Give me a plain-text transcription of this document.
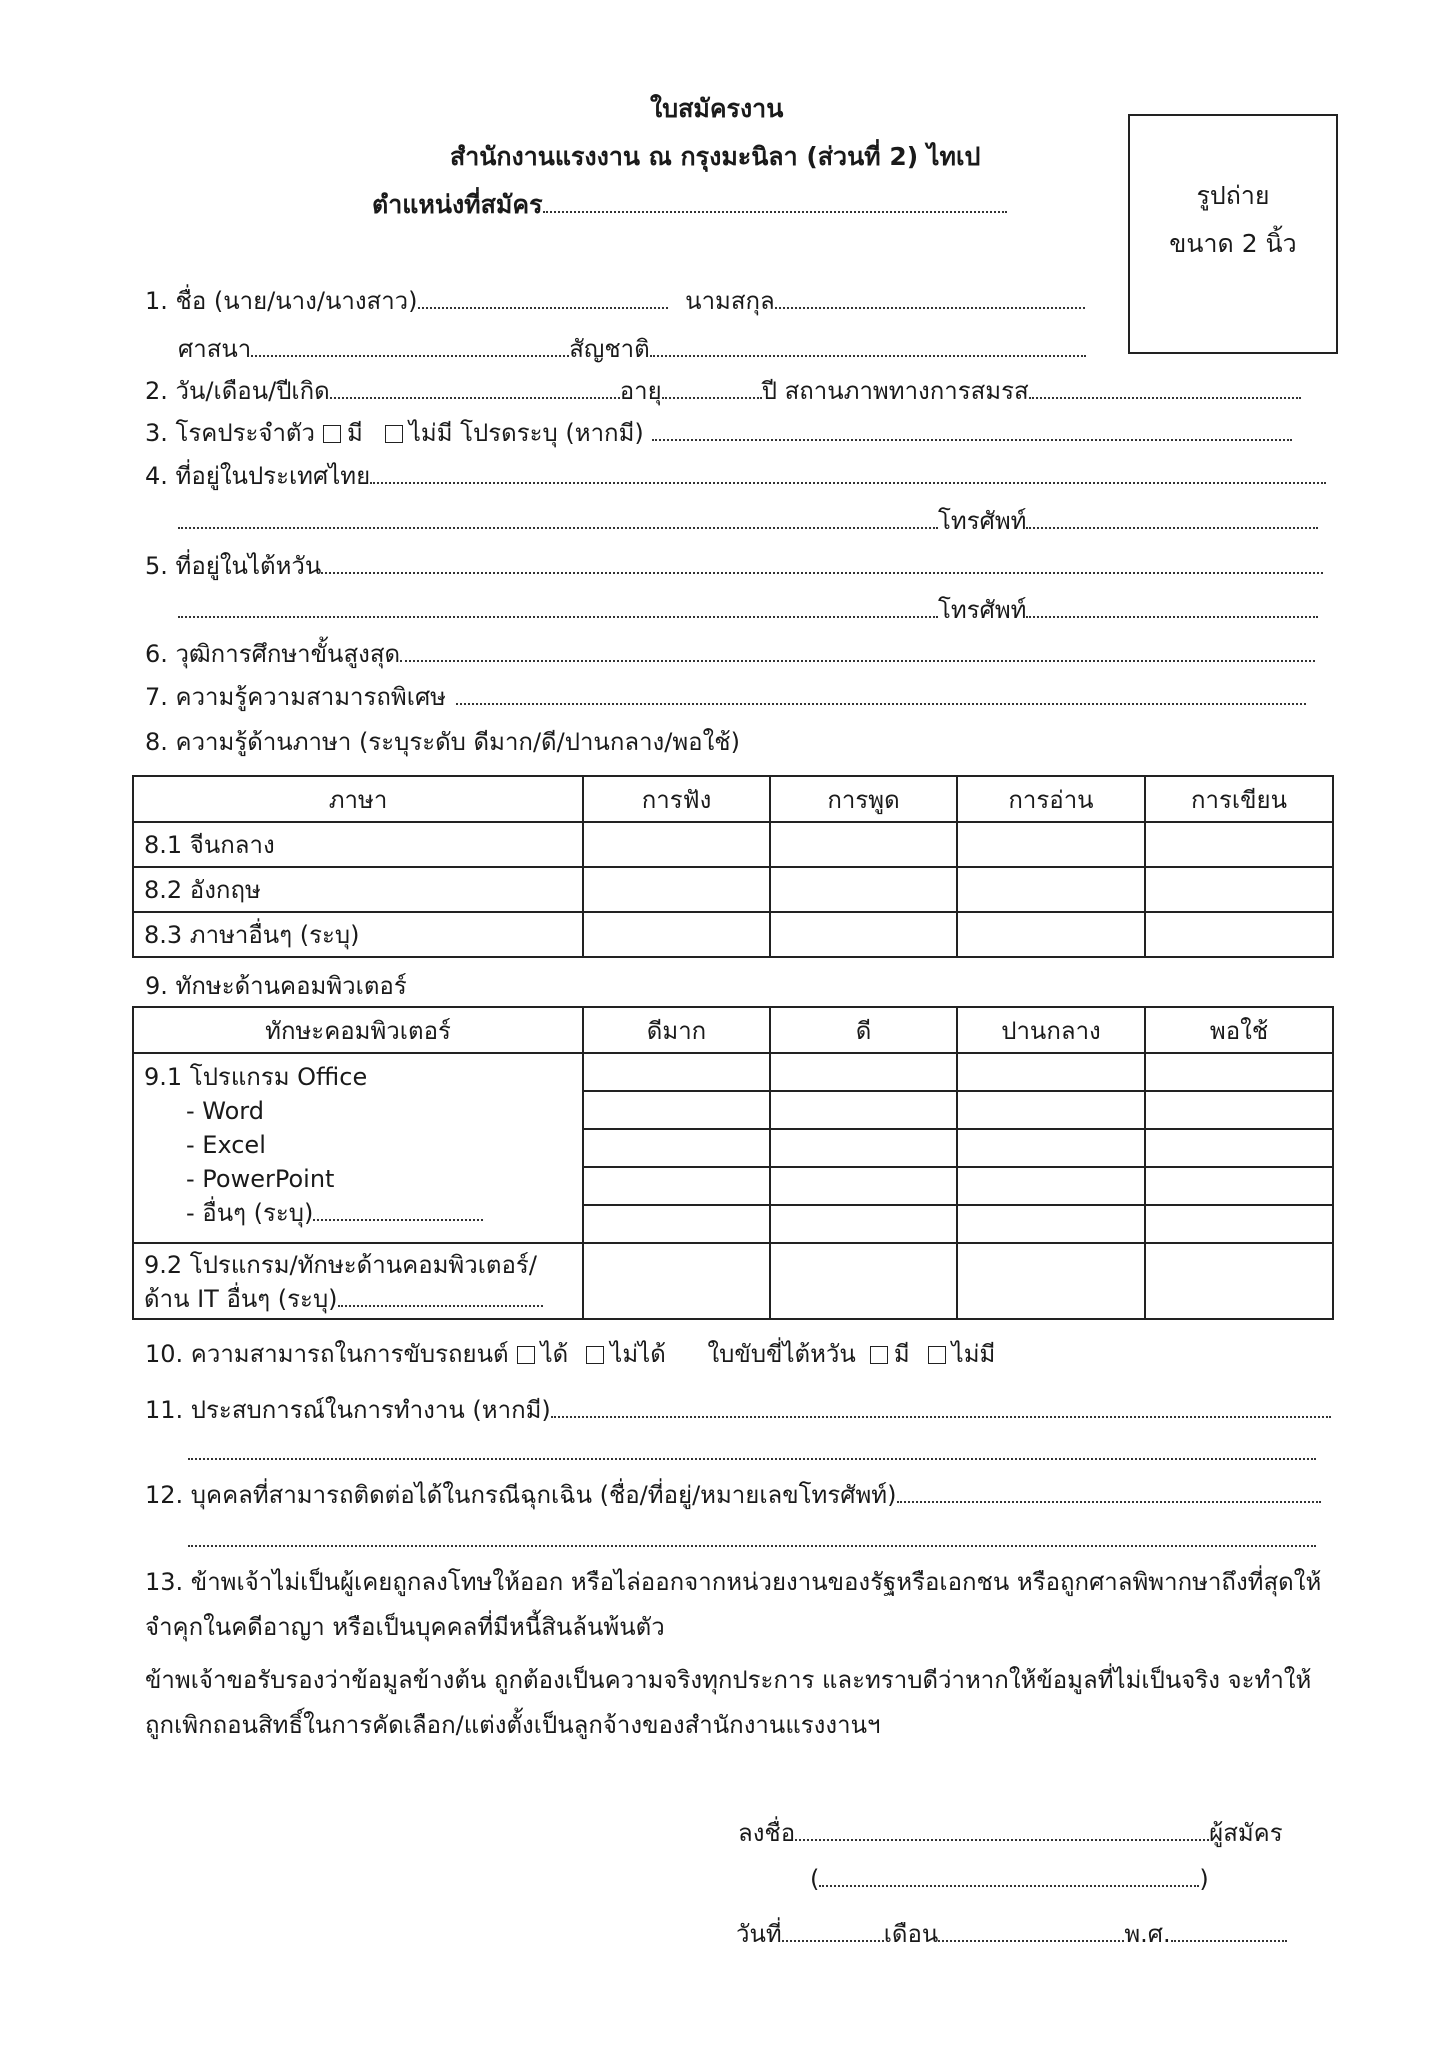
ใบสมัครงาน
สำนักงานแรงงาน ณ กรุงมะนิลา (ส่วนที่ 2) ไทเป
ตำแหน่งที่สมัคร	รูปถ่าย
ขนาด 2 นิ้ว
1. ชื่อ (นาย/นาง/นางสาว)	นามสกุล
ศาสนา	สัญชาติ
2. วัน/เดือน/ปีเกิด	อายุ	ปี สถานภาพทางการสมรส
3. โรคประจำตัว มี ไม่มี โปรดระบุ (หากมี)
4. ที่อยู่ในประเทศไทย
โทรศัพท์
5. ที่อยู่ในไต้หวัน
โทรศัพท์
6. วุฒิการศึกษาขั้นสูงสุด
7. ความรู้ความสามารถพิเศษ
8. ความรู้ด้านภาษา (ระบุระดับ ดีมาก/ดี/ปานกลาง/พอใช้)
ภาษา	การฟัง	การพูด	การอ่าน	การเขียน
8.1 จีนกลาง				
8.2 อังกฤษ				
8.3 ภาษาอื่นๆ (ระบุ)				
9. ทักษะด้านคอมพิวเตอร์
ทักษะคอมพิวเตอร์	ดีมาก	ดี	ปานกลาง	พอใช้

9.1 โปรแกรม Office
- Word
- Excel
- PowerPoint
- อื่นๆ (ระบุ)				

9.2 โปรแกรม/ทักษะด้านคอมพิวเตอร์/
ด้าน IT อื่นๆ (ระบุ)				

10. ความสามารถในการขับรถยนต์ ได้ ไม่ได้ ใบขับขี่ไต้หวัน มี ไม่มี
11. ประสบการณ์ในการทำงาน (หากมี)
12. บุคคลที่สามารถติดต่อได้ในกรณีฉุกเฉิน (ชื่อ/ที่อยู่/หมายเลขโทรศัพท์)
13. ข้าพเจ้าไม่เป็นผู้เคยถูกลงโทษให้ออก หรือไล่ออกจากหน่วยงานของรัฐหรือเอกชน หรือถูกศาลพิพากษาถึงที่สุดให้
จำคุกในคดีอาญา หรือเป็นบุคคลที่มีหนี้สินล้นพ้นตัว
ข้าพเจ้าขอรับรองว่าข้อมูลข้างต้น ถูกต้องเป็นความจริงทุกประการ และทราบดีว่าหากให้ข้อมูลที่ไม่เป็นจริง จะทำให้
ถูกเพิกถอนสิทธิ์ในการคัดเลือก/แต่งตั้งเป็นลูกจ้างของสำนักงานแรงงานฯ
ลงชื่อ	ผู้สมัคร
(	)
วันที่	เดือน	พ.ศ.
